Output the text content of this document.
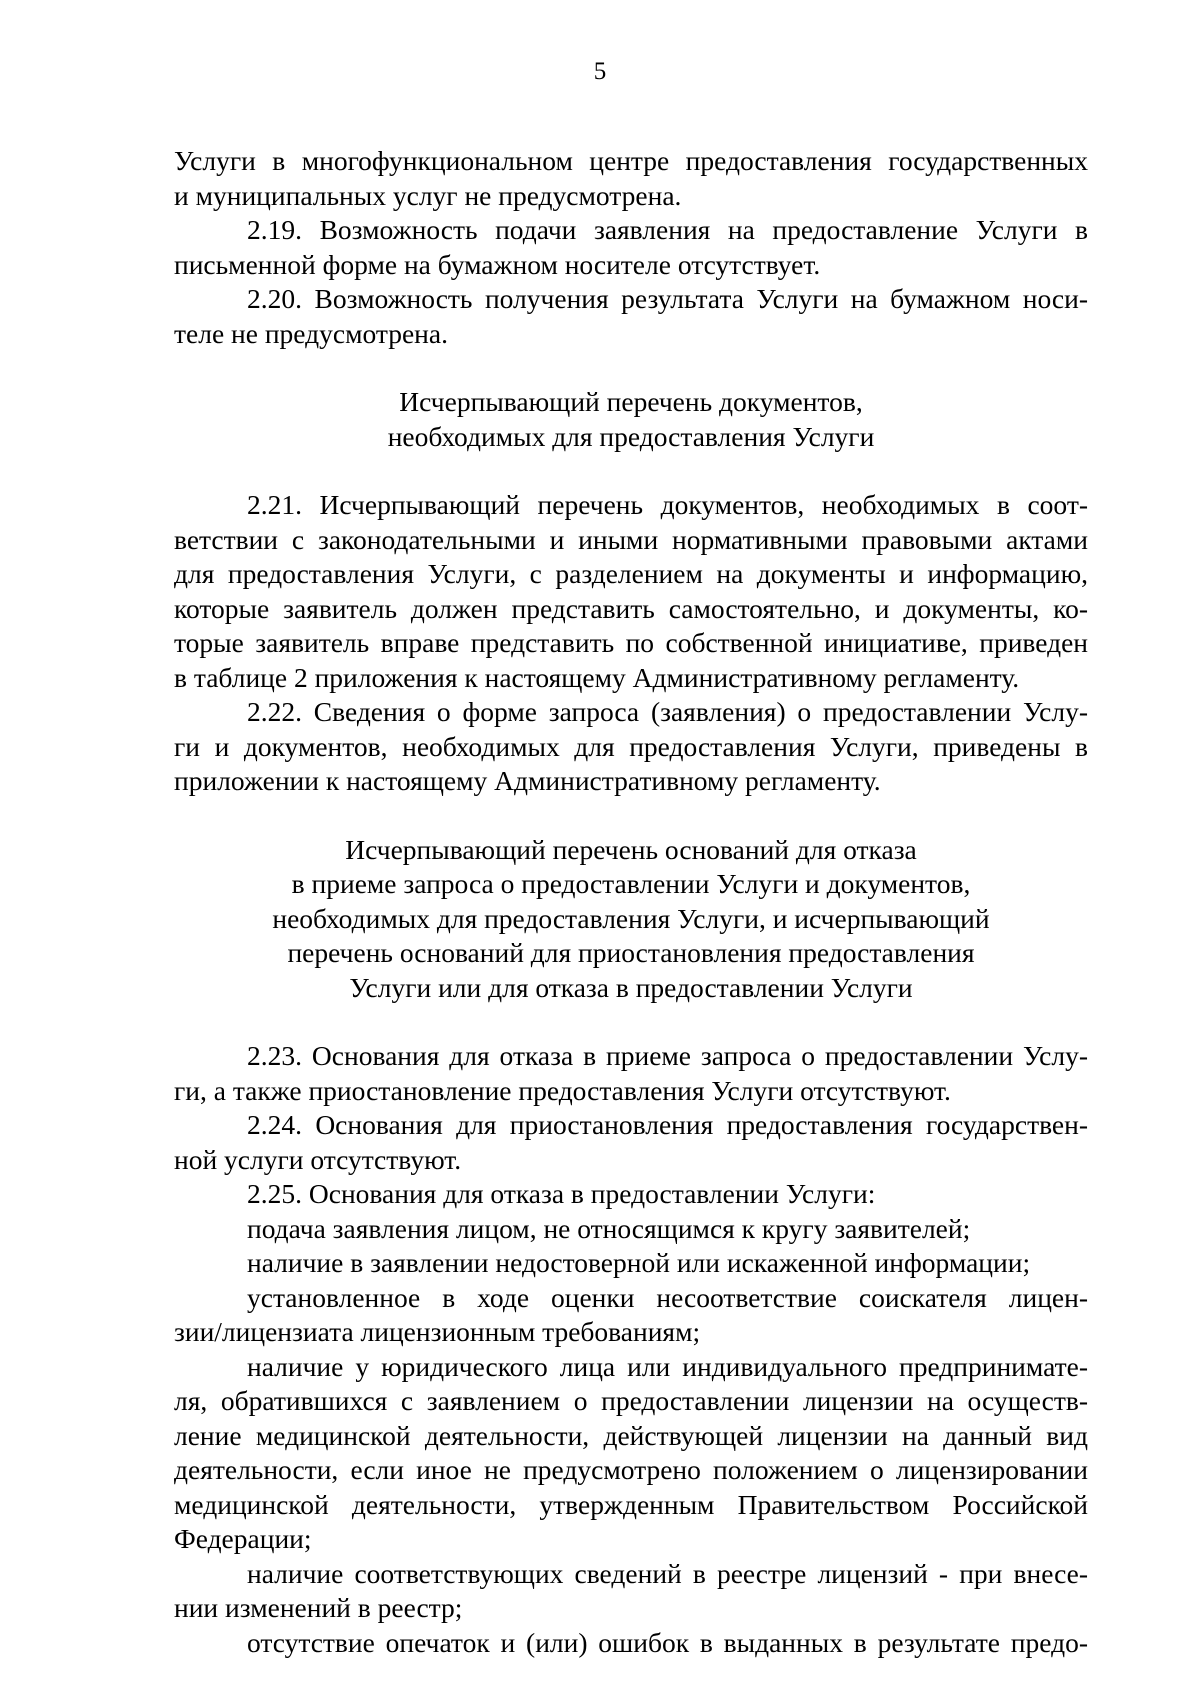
5
Услуги в многофункциональном центре предоставления государственных
и муниципальных услуг не предусмотрена.
2.19. Возможность подачи заявления на предоставление Услуги в
письменной форме на бумажном носителе отсутствует.
2.20. Возможность получения результата Услуги на бумажном носи-
теле не предусмотрена.
Исчерпывающий перечень документов,
необходимых для предоставления Услуги
2.21. Исчерпывающий перечень документов, необходимых в соот-
ветствии с законодательными и иными нормативными правовыми актами
для предоставления Услуги, с разделением на документы и информацию,
которые заявитель должен представить самостоятельно, и документы, ко-
торые заявитель вправе представить по собственной инициативе, приведен
в таблице 2 приложения к настоящему Административному регламенту.
2.22. Сведения о форме запроса (заявления) о предоставлении Услу-
ги и документов, необходимых для предоставления Услуги, приведены в
приложении к настоящему Административному регламенту.
Исчерпывающий перечень оснований для отказа
в приеме запроса о предоставлении Услуги и документов,
необходимых для предоставления Услуги, и исчерпывающий
перечень оснований для приостановления предоставления
Услуги или для отказа в предоставлении Услуги
2.23. Основания для отказа в приеме запроса о предоставлении Услу-
ги, а также приостановление предоставления Услуги отсутствуют.
2.24. Основания для приостановления предоставления государствен-
ной услуги отсутствуют.
2.25. Основания для отказа в предоставлении Услуги:
подача заявления лицом, не относящимся к кругу заявителей;
наличие в заявлении недостоверной или искаженной информации;
установленное в ходе оценки несоответствие соискателя лицен-
зии/лицензиата лицензионным требованиям;
наличие у юридического лица или индивидуального предпринимате-
ля, обратившихся с заявлением о предоставлении лицензии на осуществ-
ление медицинской деятельности, действующей лицензии на данный вид
деятельности, если иное не предусмотрено положением о лицензировании
медицинской деятельности, утвержденным Правительством Российской
Федерации;
наличие соответствующих сведений в реестре лицензий - при внесе-
нии изменений в реестр;
отсутствие опечаток и (или) ошибок в выданных в результате предо-
